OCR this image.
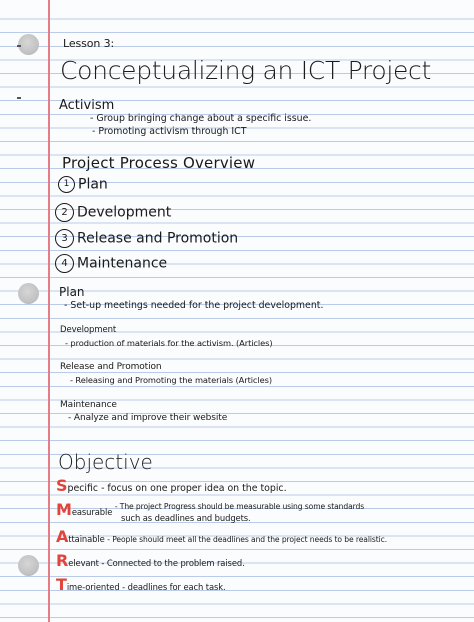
Lesson 3:
Conceptualizing an ICT Project
Activism
- Group bringing change about a specific issue.
- Promoting activism through ICT
Project Process Overview
1 Plan
2 Development
3 Release and Promotion
4 Maintenance
Plan
- Set-up meetings needed for the project development.
Development
- production of materials for the activism. (Articles)
Release and Promotion
- Releasing and Promoting the materials (Articles)
Maintenance
- Analyze and improve their website
Objective
Specific - focus on one proper idea on the topic.
Measurable - The project Progress should be measurable using some standards
such as deadlines and budgets.
Attainable - People should meet all the deadlines and the project needs to be realistic.
Relevant - Connected to the problem raised.
Time-oriented - deadlines for each task.
